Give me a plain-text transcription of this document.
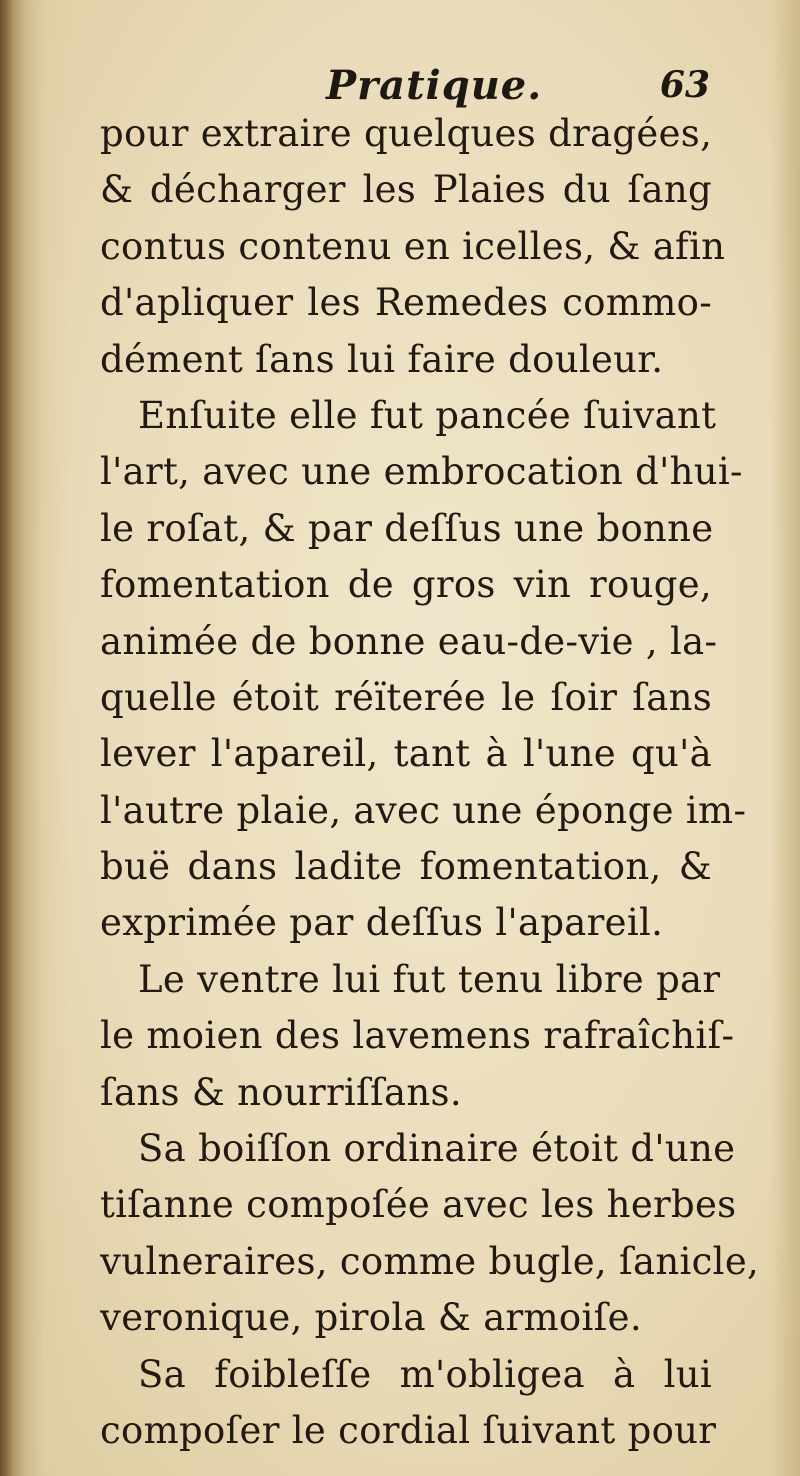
Pratique.	63
pour extraire quelques dragées,
& décharger les Plaies du ſang
contus contenu en icelles, & afin
d'apliquer les Remedes commo-
dément ſans lui faire douleur.
Enſuite elle fut pancée ſuivant
l'art, avec une embrocation d'hui-
le roſat, & par deſſus une bonne
fomentation de gros vin rouge,
animée de bonne eau-de-vie , la-
quelle étoit réïterée le ſoir ſans
lever l'apareil, tant à l'une qu'à
l'autre plaie, avec une éponge im-
buë dans ladite fomentation, &
exprimée par deſſus l'apareil.
Le ventre lui fut tenu libre par
le moien des lavemens rafraîchiſ-
ſans & nourriſſans.
Sa boiſſon ordinaire étoit d'une
tiſanne compoſée avec les herbes
vulneraires, comme bugle, ſanicle,
veronique, pirola & armoiſe.
Sa foibleſſe m'obligea à lui
compoſer le cordial ſuivant pour
